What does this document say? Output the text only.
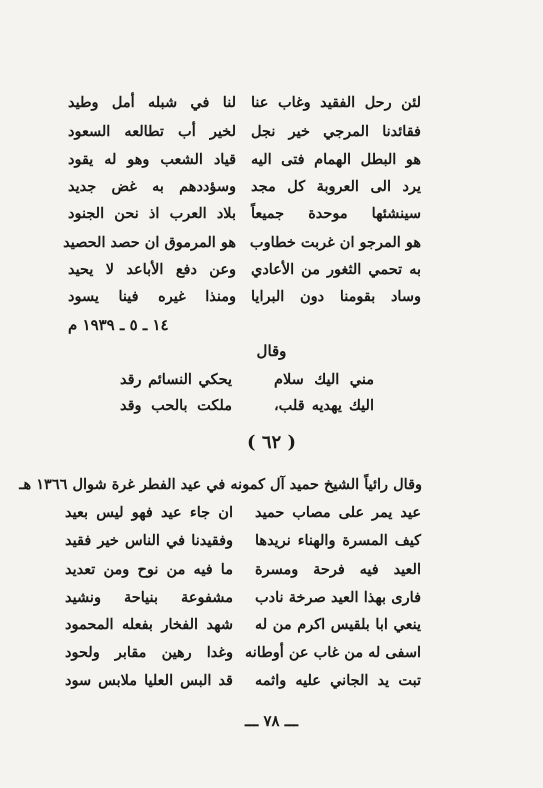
لئن رحل الفقيد وغاب عنا
لنا في شبله أمل وطيد
فقائدنا المرجي خير نجل
لخير أب تطالعه السعود
هو البطل الهمام فتى اليه
قياد الشعب وهو له يقود
يرد الى العروبة كل مجد
وسؤددهم به غض جديد
سينشئها موحدة جميعاً
بلاد العرب اذ نحن الجنود
هو المرجو ان غربت خطاوب
هو المرموق ان حصد الحصيد
به تحمي الثغور من الأعادي
وعن دفع الأباعد لا يحيد
وساد بقومنا دون البرايا
ومنذا غيره فينا يسود
١٤ ـ ٥ ـ ١٩٣٩ م
وقال
مني اليك سلام
يحكي النسائم رقد
اليك يهديه قلب،
ملكت بالحب وقد
( ٦٢ )
وقال رائياً الشيخ حميد آل كمونه في عيد الفطر غرة شوال ١٣٦٦ هـ
عيد يمر على مصاب حميد
ان جاء عيد فهو ليس بعيد
كيف المسرة والهناء نريدها
وفقيدنا في الناس خير فقيد
العيد فيه فرحة ومسرة
ما فيه من نوح ومن تعديد
فاری بهذا العيد صرخة نادب
مشفوعة بنياحة ونشيد
ينعي ابا بلقيس اكرم من له
شهد الفخار بفعله المحمود
اسفی له من غاب عن أوطانه
وغدا رهين مقابر ولحود
تبت يد الجاني عليه واثمه
قد البس العليا ملابس سود
ـــ ٧٨ ـــ
